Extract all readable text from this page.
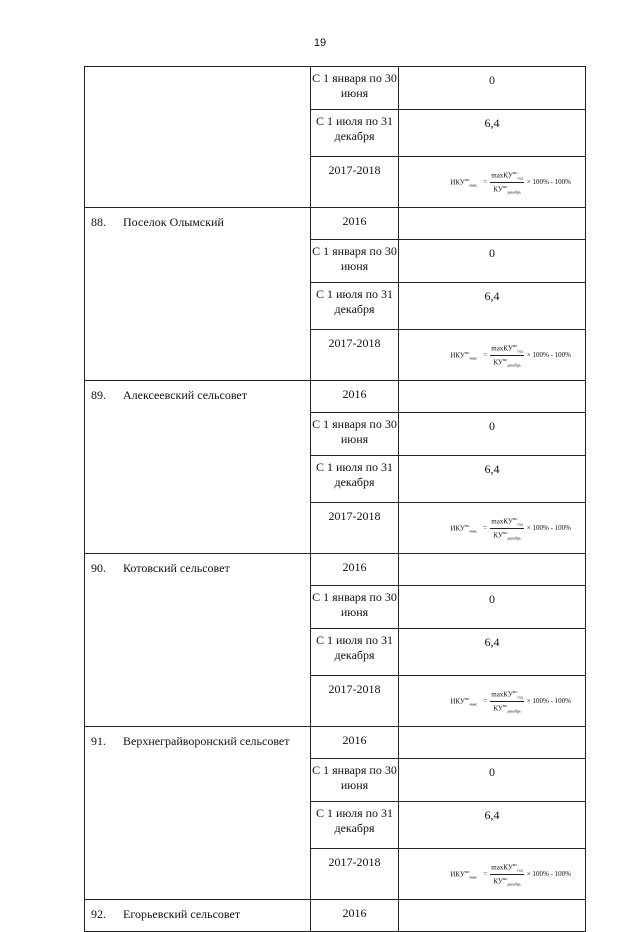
19
	С 1 января по 30 июня	0
	С 1 июля по 31 декабря	6,4
	2017-2018	$ИКУ^{мо}_{макс} = \frac{\max КУ^{мо}_{год}}{КУ^{мо}_{декабрь}} \times 100\% - 100\%$

88. Поселок Олымский	2016	
	С 1 января по 30 июня	0
	С 1 июля по 31 декабря	6,4
	2017-2018	$ИКУ^{мо}_{макс} = \frac{\max КУ^{мо}_{год}}{КУ^{мо}_{декабрь}} \times 100\% - 100\%$

89. Алексеевский сельсовет	2016	
	С 1 января по 30 июня	0
	С 1 июля по 31 декабря	6,4
	2017-2018	$ИКУ^{мо}_{макс} = \frac{\max КУ^{мо}_{год}}{КУ^{мо}_{декабрь}} \times 100\% - 100\%$

90. Котовский сельсовет	2016	
	С 1 января по 30 июня	0
	С 1 июля по 31 декабря	6,4
	2017-2018	$ИКУ^{мо}_{макс} = \frac{\max КУ^{мо}_{год}}{КУ^{мо}_{декабрь}} \times 100\% - 100\%$

91. Верхнеграйворонский сельсовет	2016	
	С 1 января по 30 июня	0
	С 1 июля по 31 декабря	6,4
	2017-2018	$ИКУ^{мо}_{макс} = \frac{\max КУ^{мо}_{год}}{КУ^{мо}_{декабрь}} \times 100\% - 100\%$

92. Егорьевский сельсовет	2016	
